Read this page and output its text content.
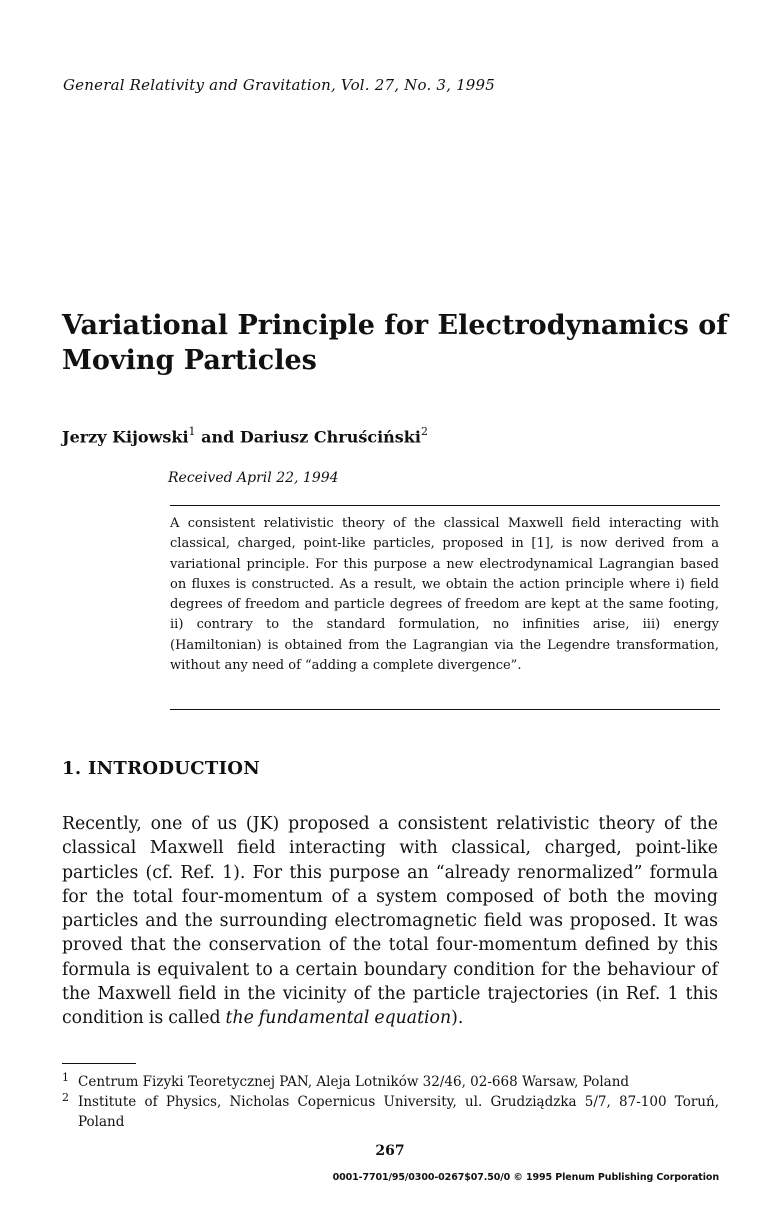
General Relativity and Gravitation, Vol. 27, No. 3, 1995
Variational Principle for Electrodynamics of Moving Particles
Jerzy Kijowski$^1$ and Dariusz Chruściński$^2$
Received April 22, 1994
A consistent relativistic theory of the classical Maxwell field interacting with classical, charged, point-like particles, proposed in [1], is now derived from a variational principle. For this purpose a new electrodynamical Lagrangian based on fluxes is constructed. As a result, we obtain the action principle where i) field degrees of freedom and particle degrees of freedom are kept at the same footing, ii) contrary to the standard formulation, no infinities arise, iii) energy (Hamiltonian) is obtained from the Lagrangian via the Legendre transformation, without any need of “adding a complete divergence”.
1. INTRODUCTION

Recently, one of us (JK) proposed a consistent relativistic theory of the classical Maxwell field interacting with classical, charged, point-like particles (cf. Ref. 1). For this purpose an “already renormalized” formula for the total four-momentum of a system composed of both the moving particles and the surrounding electromagnetic field was proposed. It was proved that the conservation of the total four-momentum defined by this formula is equivalent to a certain boundary condition for the behaviour of the Maxwell field in the vicinity of the particle trajectories (in Ref. 1 this condition is called the fundamental equation).

1 Centrum Fizyki Teoretycznej PAN, Aleja Lotników 32/46, 02-668 Warsaw, Poland
2 Institute of Physics, Nicholas Copernicus University, ul. Grudziądzka 5/7, 87-100 Toruń, Poland
267
0001-7701/95/0300-0267$07.50/0 © 1995 Plenum Publishing Corporation
